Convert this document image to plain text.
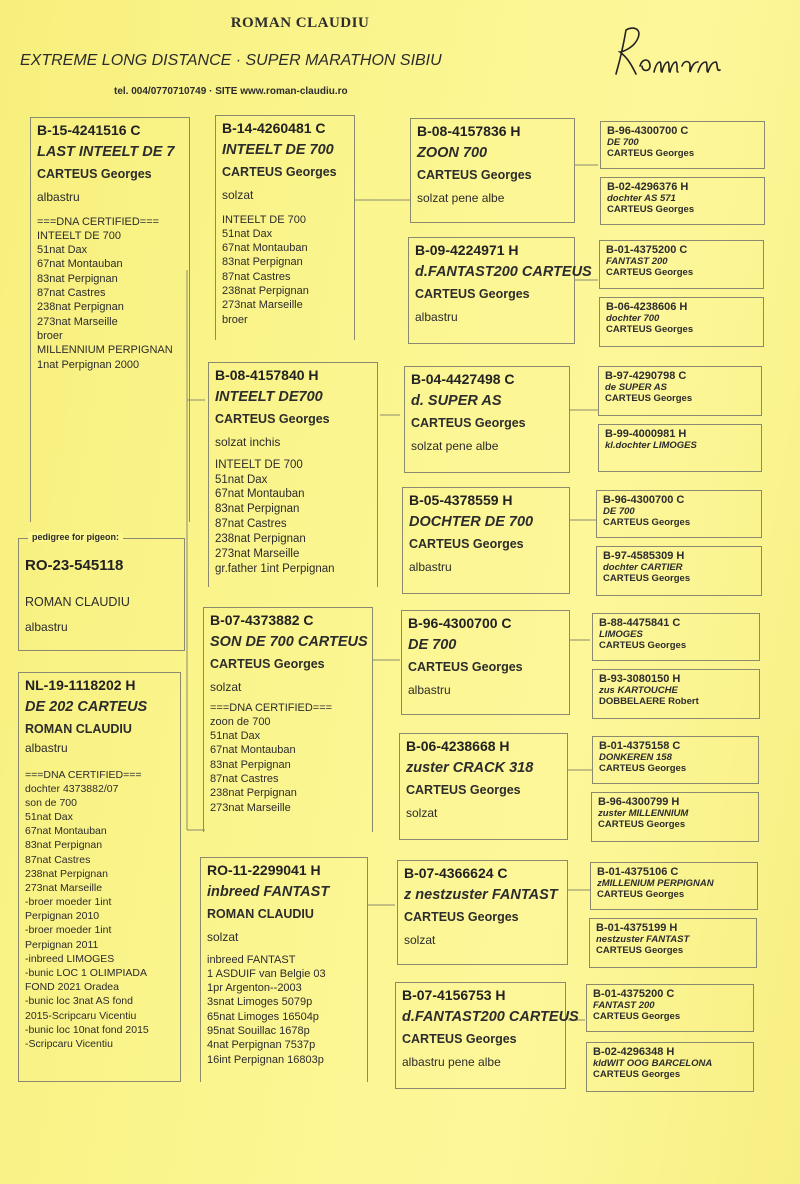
ROMAN CLAUDIU
EXTREME LONG DISTANCE · SUPER MARATHON SIBIU
tel. 004/0770710749 · SITE www.roman-claudiu.ro
B-15-4241516 C
LAST INTEELT DE 7
CARTEUS Georges
albastru
===DNA CERTIFIED===
INTEELT DE 700
51nat Dax
67nat Montauban
83nat Perpignan
87nat Castres
238nat Perpignan
273nat Marseille
broer
MILLENNIUM PERPIGNAN
1nat Perpignan 2000
RO-23-545118
ROMAN CLAUDIU
albastru
pedigree for pigeon:
NL-19-1118202 H
DE 202 CARTEUS
ROMAN CLAUDIU
albastru
===DNA CERTIFIED===
dochter 4373882/07
son de 700
51nat Dax
67nat Montauban
83nat Perpignan
87nat Castres
238nat Perpignan
273nat Marseille
-broer moeder 1int
Perpignan 2010
-broer moeder 1int
Perpignan 2011
-inbreed LIMOGES
-bunic LOC 1 OLIMPIADA
FOND 2021 Oradea
-bunic loc 3nat AS fond
2015-Scripcaru Vicentiu
-bunic loc 10nat fond 2015
-Scripcaru Vicentiu
B-14-4260481 C
INTEELT DE 700
CARTEUS Georges
solzat
INTEELT DE 700
51nat Dax
67nat Montauban
83nat Perpignan
87nat Castres
238nat Perpignan
273nat Marseille
broer
B-08-4157840 H
INTEELT DE700
CARTEUS Georges
solzat inchis
INTEELT DE 700
51nat Dax
67nat Montauban
83nat Perpignan
87nat Castres
238nat Perpignan
273nat Marseille
gr.father 1int Perpignan
B-07-4373882 C
SON DE 700 CARTEUS
CARTEUS Georges
solzat
===DNA CERTIFIED===
zoon de 700
51nat Dax
67nat Montauban
83nat Perpignan
87nat Castres
238nat Perpignan
273nat Marseille
RO-11-2299041 H
inbreed FANTAST
ROMAN CLAUDIU
solzat
inbreed FANTAST
1 ASDUIF van Belgie 03
1pr Argenton--2003
3snat Limoges 5079p
65nat Limoges 16504p
95nat Souillac 1678p
4nat Perpignan 7537p
16int Perpignan 16803p
B-08-4157836 H
ZOON 700
CARTEUS Georges
solzat pene albe
B-09-4224971 H
d.FANTAST200 CARTEUS
CARTEUS Georges
albastru
B-04-4427498 C
d. SUPER AS
CARTEUS Georges
solzat pene albe
B-05-4378559 H
DOCHTER DE 700
CARTEUS Georges
albastru
B-96-4300700 C
DE 700
CARTEUS Georges
albastru
B-06-4238668 H
zuster CRACK 318
CARTEUS Georges
solzat
B-07-4366624 C
z nestzuster FANTAST
CARTEUS Georges
solzat
B-07-4156753 H
d.FANTAST200 CARTEUS
CARTEUS Georges
albastru pene albe
B-96-4300700 C
DE 700
CARTEUS Georges
B-02-4296376 H
dochter AS 571
CARTEUS Georges
B-01-4375200 C
FANTAST 200
CARTEUS Georges
B-06-4238606 H
dochter 700
CARTEUS Georges
B-97-4290798 C
de SUPER AS
CARTEUS Georges
B-99-4000981 H
kl.dochter LIMOGES
B-96-4300700 C
DE 700
CARTEUS Georges
B-97-4585309 H
dochter CARTIER
CARTEUS Georges
B-88-4475841 C
LIMOGES
CARTEUS Georges
B-93-3080150 H
zus KARTOUCHE
DOBBELAERE Robert
B-01-4375158 C
DONKEREN 158
CARTEUS Georges
B-96-4300799 H
zuster MILLENNIUM
CARTEUS Georges
B-01-4375106 C
zMILLENIUM PERPIGNAN
CARTEUS Georges
B-01-4375199 H
nestzuster FANTAST
CARTEUS Georges
B-01-4375200 C
FANTAST 200
CARTEUS Georges
B-02-4296348 H
kldWIT OOG BARCELONA
CARTEUS Georges
